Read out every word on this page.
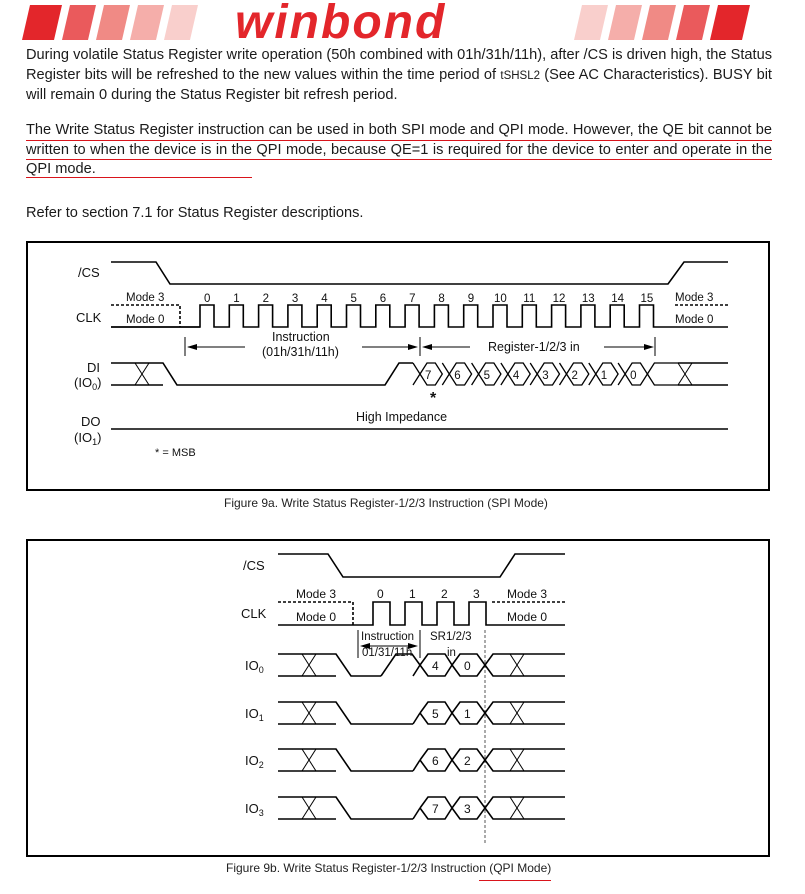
winbond
During volatile Status Register write operation (50h combined with 01h/31h/11h), after /CS is driven high, the Status Register bits will be refreshed to the new values within the time period of tSHSL2 (See AC Characteristics). BUSY bit will remain 0 during the Status Register bit refresh period.
The Write Status Register instruction can be used in both SPI mode and QPI mode. However, the QE bit cannot be written to when the device is in the QPI mode, because QE=1 is required for the device to enter and operate in the QPI mode.
Refer to section 7.1 for Status Register descriptions.
/CS
CLK
DI
$(IO_0)$
DO
$(IO_1)$
Mode 3
Mode 0
Mode 3
Mode 0
Instruction
(01h/31h/11h)	Register-1/2/3 in
High Impedance
*
* = MSB
0 1 2 3 4 5 6 7 8 9 10 11 12 13 14 15
7 6 5 4 3 2 1 0
Figure 9a. Write Status Register-1/2/3 Instruction (SPI Mode)
/CS
CLK
4 0
$IO_0$
5 1
$IO_1$
6 2
$IO_2$
7 3
$IO_3$
Mode 3
Mode 0
Mode 3
Mode 0
Instruction
01/31/11h
SR1/2/3
in
0 1 2 3
Figure 9b. Write Status Register-1/2/3 Instruction (QPI Mode)
